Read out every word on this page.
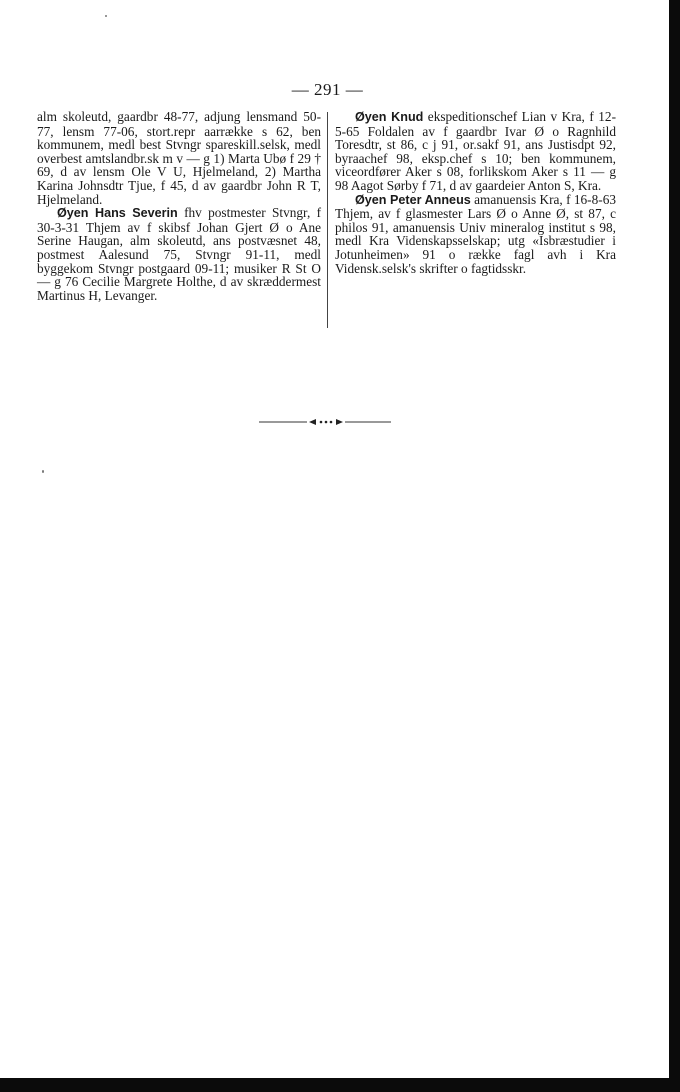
— 291 —

alm skoleutd, gaardbr 48-77, adjung lensmand 50-77, lensm 77-06, stort.repr aarrække s 62, ben kommunem, medl best Stvngr spareskill.selsk, medl overbest amtslandbr.sk m v — g 1) Marta Ubø f 29 † 69, d av lensm Ole V U, Hjelmeland, 2) Martha Karina Johnsdtr Tjue, f 45, d av gaardbr John R T, Hjelmeland.

Øyen Hans Severin fhv postmester Stvngr, f 30-3-31 Thjem av f skibsf Johan Gjert Ø o Ane Serine Haugan, alm skoleutd, ans postvæsnet 48, postmest Aalesund 75, Stvngr 91-11, medl byggekom Stvngr postgaard 09-11; musiker R St O — g 76 Cecilie Margrete Holthe, d av skræddermest Martinus H, Levanger.

Øyen Knud ekspeditionschef Lian v Kra, f 12-5-65 Foldalen av f gaardbr Ivar Ø o Ragnhild Toresdtr, st 86, c j 91, or.sakf 91, ans Justisdpt 92, byraachef 98, eksp.chef s 10; ben kommunem, viceordfører Aker s 08, forlikskom Aker s 11 — g 98 Aagot Sørby f 71, d av gaardeier Anton S, Kra.

Øyen Peter Anneus amanuensis Kra, f 16-8-63 Thjem, av f glasmester Lars Ø o Anne Ø, st 87, c philos 91, amanuensis Univ mineralog institut s 98, medl Kra Videnskapsselskap; utg «Isbræstudier i Jotunheimen» 91 o række fagl avh i Kra Vidensk.selsk's skrifter o fagtidsskr.
